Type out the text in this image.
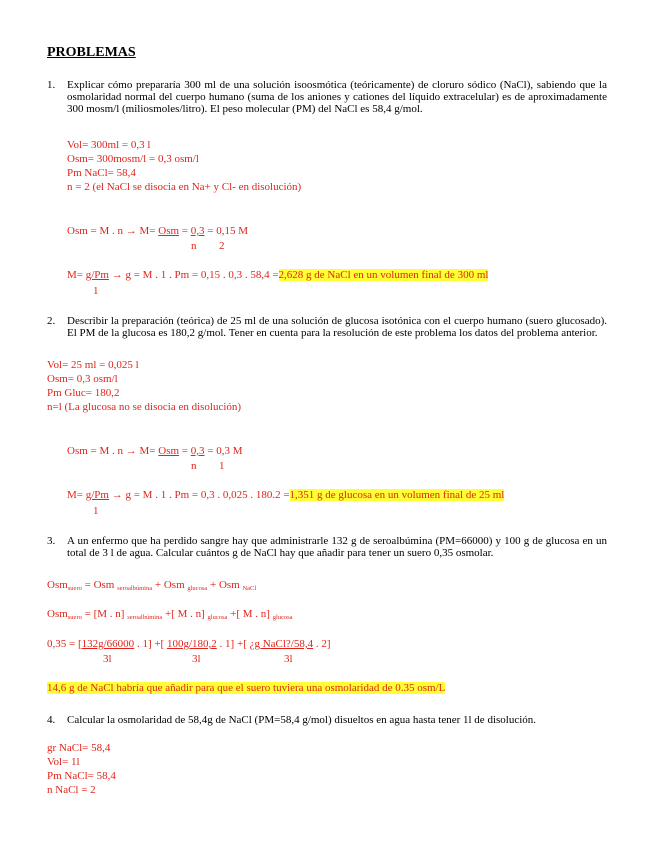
PROBLEMAS
1. Explicar cómo prepararía 300 ml de una solución isoosmótica (teóricamente) de cloruro sódico (NaCl), sabiendo que la osmolaridad normal del cuerpo humano (suma de los aniones y cationes del líquido extracelular) es de aproximadamente 300 mosm/l (miliosmoles/litro). El peso molecular (PM) del NaCl es 58,4 g/mol.
Vol= 300ml = 0,3 l
Osm= 300mosm/l = 0,3 osm/l
Pm NaCl= 58,4
n = 2 (el NaCl se disocia en Na+ y Cl- en disolución)
Osm = M . n → M= Osm = 0,3 = 0,15 M
n 2
M= g/Pm → g = M . 1 . Pm = 0,15 . 0,3 . 58,4 =2,628 g de NaCl en un volumen final de 300 ml
1
2. Describir la preparación (teórica) de 25 ml de una solución de glucosa isotónica con el cuerpo humano (suero glucosado). El PM de la glucosa es 180,2 g/mol. Tener en cuenta para la resolución de este problema los datos del problema anterior.
Vol= 25 ml = 0,025 l
Osm= 0,3 osm/l
Pm Gluc= 180,2
n=l (La glucosa no se disocia en disolución)
Osm = M . n → M= Osm = 0,3 = 0,3 M
n 1
M= g/Pm → g = M . 1 . Pm = 0,3 . 0,025 . 180.2 =1,351 g de glucosa en un volumen final de 25 ml
1
3. A un enfermo que ha perdido sangre hay que administrarle 132 g de seroalbúmina (PM=66000) y 100 g de glucosa en un total de 3 l de agua. Calcular cuántos g de NaCl hay que añadir para tener un suero 0,35 osmolar.
Osm$_{suero}$ = Osm $_{seroalbúmina}$ + Osm $_{glucosa}$ + Osm $_{NaCl}$
Osm$_{suero}$ = [M . n] $_{seroalbúmina}$ +[ M . n] $_{glucosa}$ +[ M . n] $_{glucosa}$
0,35 = [132g/66000 . 1] +[ 100g/180,2 . 1] +[ ¿g NaCl?/58,4 . 2]
3l	3l	3l
14,6 g de NaCl habría que añadir para que el suero tuviera una osmolaridad de 0.35 osm/L
4. Calcular la osmolaridad de 58,4g de NaCl (PM=58,4 g/mol) disueltos en agua hasta tener 1l de disolución.
gr NaCl= 58,4
Vol= 1l
Pm NaCl= 58,4
n NaCl = 2
